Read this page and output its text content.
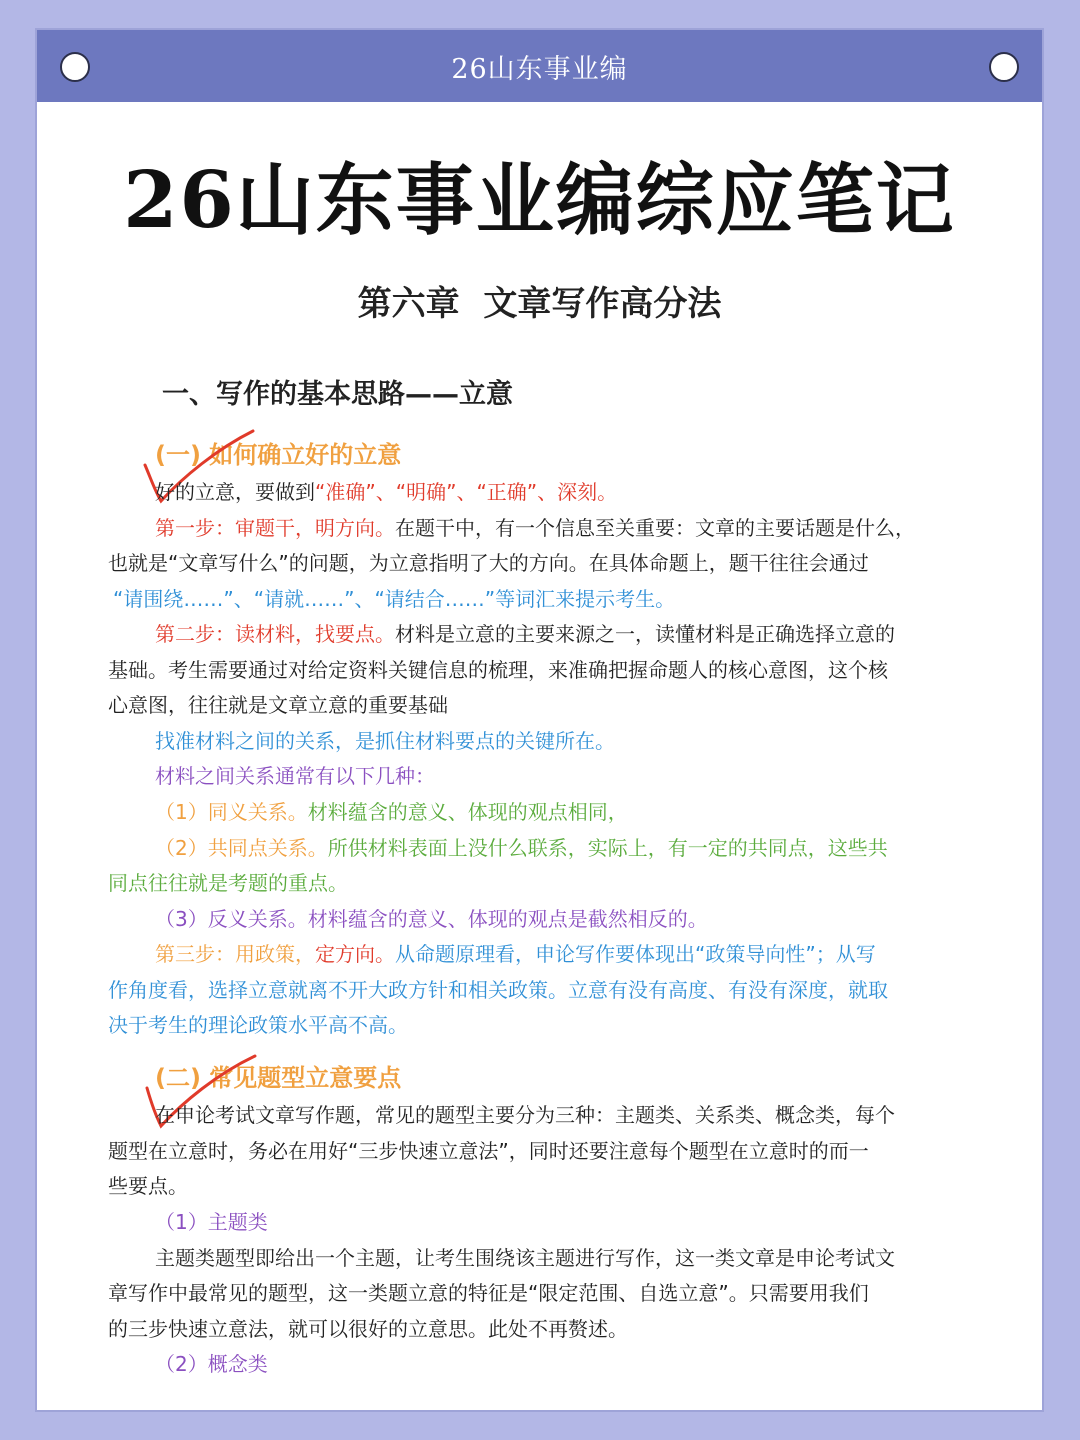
26山东事业编
26山东事业编综应笔记
第六章  文章写作高分法
一、写作的基本思路——立意
(一) 如何确立好的立意
好的立意，要做到“准确”、“明确”、“正确”、深刻。
第一步：审题干，明方向。在题干中，有一个信息至关重要：文章的主要话题是什么，
也就是“文章写什么”的问题，为立意指明了大的方向。在具体命题上，题干往往会通过
“请围绕……”、“请就……”、“请结合……”等词汇来提示考生。
第二步：读材料，找要点。材料是立意的主要来源之一，读懂材料是正确选择立意的
基础。考生需要通过对给定资料关键信息的梳理，来准确把握命题人的核心意图，这个核
心意图，往往就是文章立意的重要基础
找准材料之间的关系，是抓住材料要点的关键所在。
材料之间关系通常有以下几种：
（1）同义关系。材料蕴含的意义、体现的观点相同，
（2）共同点关系。所供材料表面上没什么联系，实际上，有一定的共同点，这些共
同点往往就是考题的重点。
（3）反义关系。材料蕴含的意义、体现的观点是截然相反的。
第三步：用政策，定方向。从命题原理看，申论写作要体现出“政策导向性”；从写
作角度看，选择立意就离不开大政方针和相关政策。立意有没有高度、有没有深度，就取
决于考生的理论政策水平高不高。
(二) 常见题型立意要点
在申论考试文章写作题，常见的题型主要分为三种：主题类、关系类、概念类，每个
题型在立意时，务必在用好“三步快速立意法”，同时还要注意每个题型在立意时的而一
些要点。
（1）主题类
主题类题型即给出一个主题，让考生围绕该主题进行写作，这一类文章是申论考试文
章写作中最常见的题型，这一类题立意的特征是“限定范围、自选立意”。只需要用我们
的三步快速立意法，就可以很好的立意思。此处不再赘述。
（2）概念类
